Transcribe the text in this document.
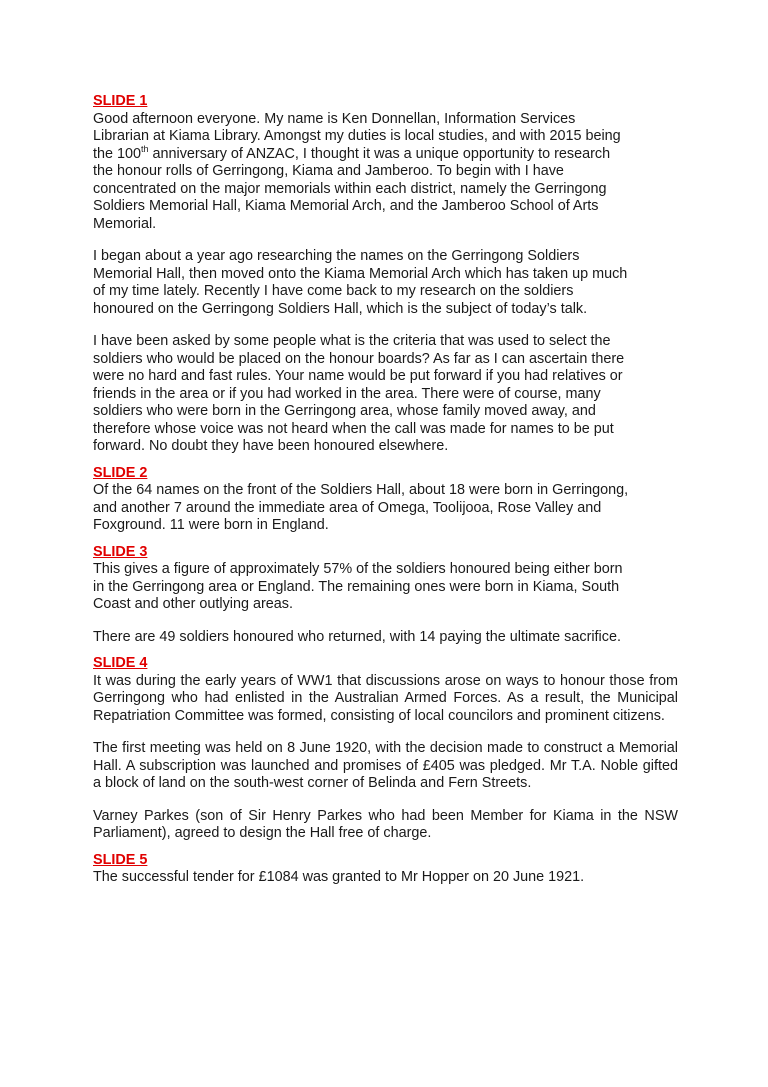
SLIDE 1

Good afternoon everyone. My name is Ken Donnellan, Information Services

Librarian at Kiama Library. Amongst my duties is local studies, and with 2015 being

the 100th anniversary of ANZAC, I thought it was a unique opportunity to research

the honour rolls of Gerringong, Kiama and Jamberoo. To begin with I have

concentrated on the major memorials within each district, namely the Gerringong

Soldiers Memorial Hall, Kiama Memorial Arch, and the Jamberoo School of Arts

Memorial.

I began about a year ago researching the names on the Gerringong Soldiers

Memorial Hall, then moved onto the Kiama Memorial Arch which has taken up much

of my time lately. Recently I have come back to my research on the soldiers

honoured on the Gerringong Soldiers Hall, which is the subject of today’s talk.

I have been asked by some people what is the criteria that was used to select the

soldiers who would be placed on the honour boards? As far as I can ascertain there

were no hard and fast rules. Your name would be put forward if you had relatives or

friends in the area or if you had worked in the area. There were of course, many

soldiers who were born in the Gerringong area, whose family moved away, and

therefore whose voice was not heard when the call was made for names to be put

forward. No doubt they have been honoured elsewhere.

SLIDE 2

Of the 64 names on the front of the Soldiers Hall, about 18 were born in Gerringong,

and another 7 around the immediate area of Omega, Toolijooa, Rose Valley and

Foxground. 11 were born in England.

SLIDE 3

This gives a figure of approximately 57% of the soldiers honoured being either born

in the Gerringong area or England. The remaining ones were born in Kiama, South

Coast and other outlying areas.

There are 49 soldiers honoured who returned, with 14 paying the ultimate sacrifice.

SLIDE 4

It was during the early years of WW1 that discussions arose on ways to honour those from Gerringong who had enlisted in the Australian Armed Forces. As a result, the Municipal Repatriation Committee was formed, consisting of local councilors and prominent citizens.

The first meeting was held on 8 June 1920, with the decision made to construct a Memorial Hall. A subscription was launched and promises of £405 was pledged. Mr T.A. Noble gifted a block of land on the south-west corner of Belinda and Fern Streets.

Varney Parkes (son of Sir Henry Parkes who had been Member for Kiama in the NSW Parliament), agreed to design the Hall free of charge.

SLIDE 5

The successful tender for £1084 was granted to Mr Hopper on 20 June 1921.
